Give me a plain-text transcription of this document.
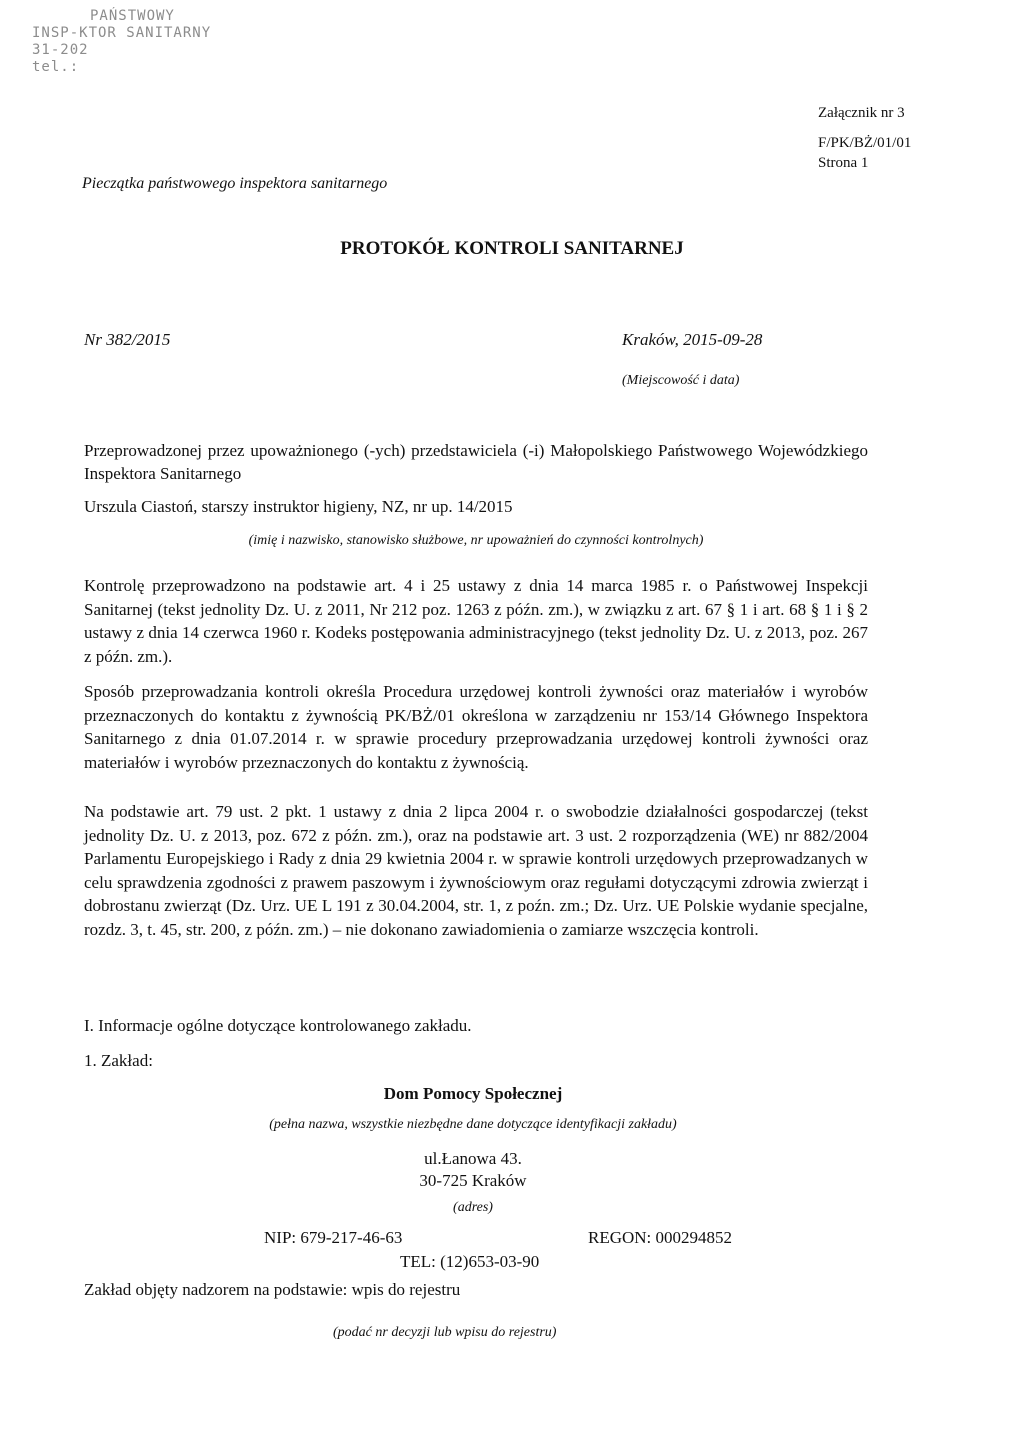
PAŃSTWOWY
INSP-KTOR SANITARNY
31-202
tel.:
Pieczątka państwowego inspektora sanitarnego
Załącznik nr 3
F/PK/BŻ/01/01
Strona 1
PROTOKÓŁ KONTROLI SANITARNEJ
Nr 382/2015	Kraków, 2015-09-28
(Miejscowość i data)
Przeprowadzonej przez upoważnionego (-ych) przedstawiciela (-i) Małopolskiego Państwowego Wojewódzkiego Inspektora Sanitarnego
Urszula Ciastoń, starszy instruktor higieny, NZ, nr up. 14/2015
(imię i nazwisko, stanowisko służbowe, nr upoważnień do czynności kontrolnych)
Kontrolę przeprowadzono na podstawie art. 4 i 25 ustawy z dnia 14 marca 1985 r. o Państwowej Inspekcji Sanitarnej (tekst jednolity Dz. U. z 2011, Nr 212 poz. 1263 z późn. zm.), w związku z art. 67 § 1 i art. 68 § 1 i § 2 ustawy z dnia 14 czerwca 1960 r. Kodeks postępowania administracyjnego (tekst jednolity Dz. U. z 2013, poz. 267 z późn. zm.).
Sposób przeprowadzania kontroli określa Procedura urzędowej kontroli żywności oraz materiałów i wyrobów przeznaczonych do kontaktu z żywnością PK/BŻ/01 określona w zarządzeniu nr 153/14 Głównego Inspektora Sanitarnego z dnia 01.07.2014 r. w sprawie procedury przeprowadzania urzędowej kontroli żywności oraz materiałów i wyrobów przeznaczonych do kontaktu z żywnością.
Na podstawie art. 79 ust. 2 pkt. 1 ustawy z dnia 2 lipca 2004 r. o swobodzie działalności gospodarczej (tekst jednolity Dz. U. z 2013, poz. 672 z późn. zm.), oraz na podstawie art. 3 ust. 2 rozporządzenia (WE) nr 882/2004 Parlamentu Europejskiego i Rady z dnia 29 kwietnia 2004 r. w sprawie kontroli urzędowych przeprowadzanych w celu sprawdzenia zgodności z prawem paszowym i żywnościowym oraz regułami dotyczącymi zdrowia zwierząt i dobrostanu zwierząt (Dz. Urz. UE L 191 z 30.04.2004, str. 1, z poźn. zm.; Dz. Urz. UE Polskie wydanie specjalne, rozdz. 3, t. 45, str. 200, z późn. zm.) – nie dokonano zawiadomienia o zamiarze wszczęcia kontroli.
I. Informacje ogólne dotyczące kontrolowanego zakładu.
1. Zakład:
Dom Pomocy Społecznej
(pełna nazwa, wszystkie niezbędne dane dotyczące identyfikacji zakładu)
ul.Łanowa 43.
30-725 Kraków
(adres)
NIP: 679-217-46-63	REGON: 000294852
TEL: (12)653-03-90
Zakład objęty nadzorem na podstawie: wpis do rejestru
(podać nr decyzji lub wpisu do rejestru)
